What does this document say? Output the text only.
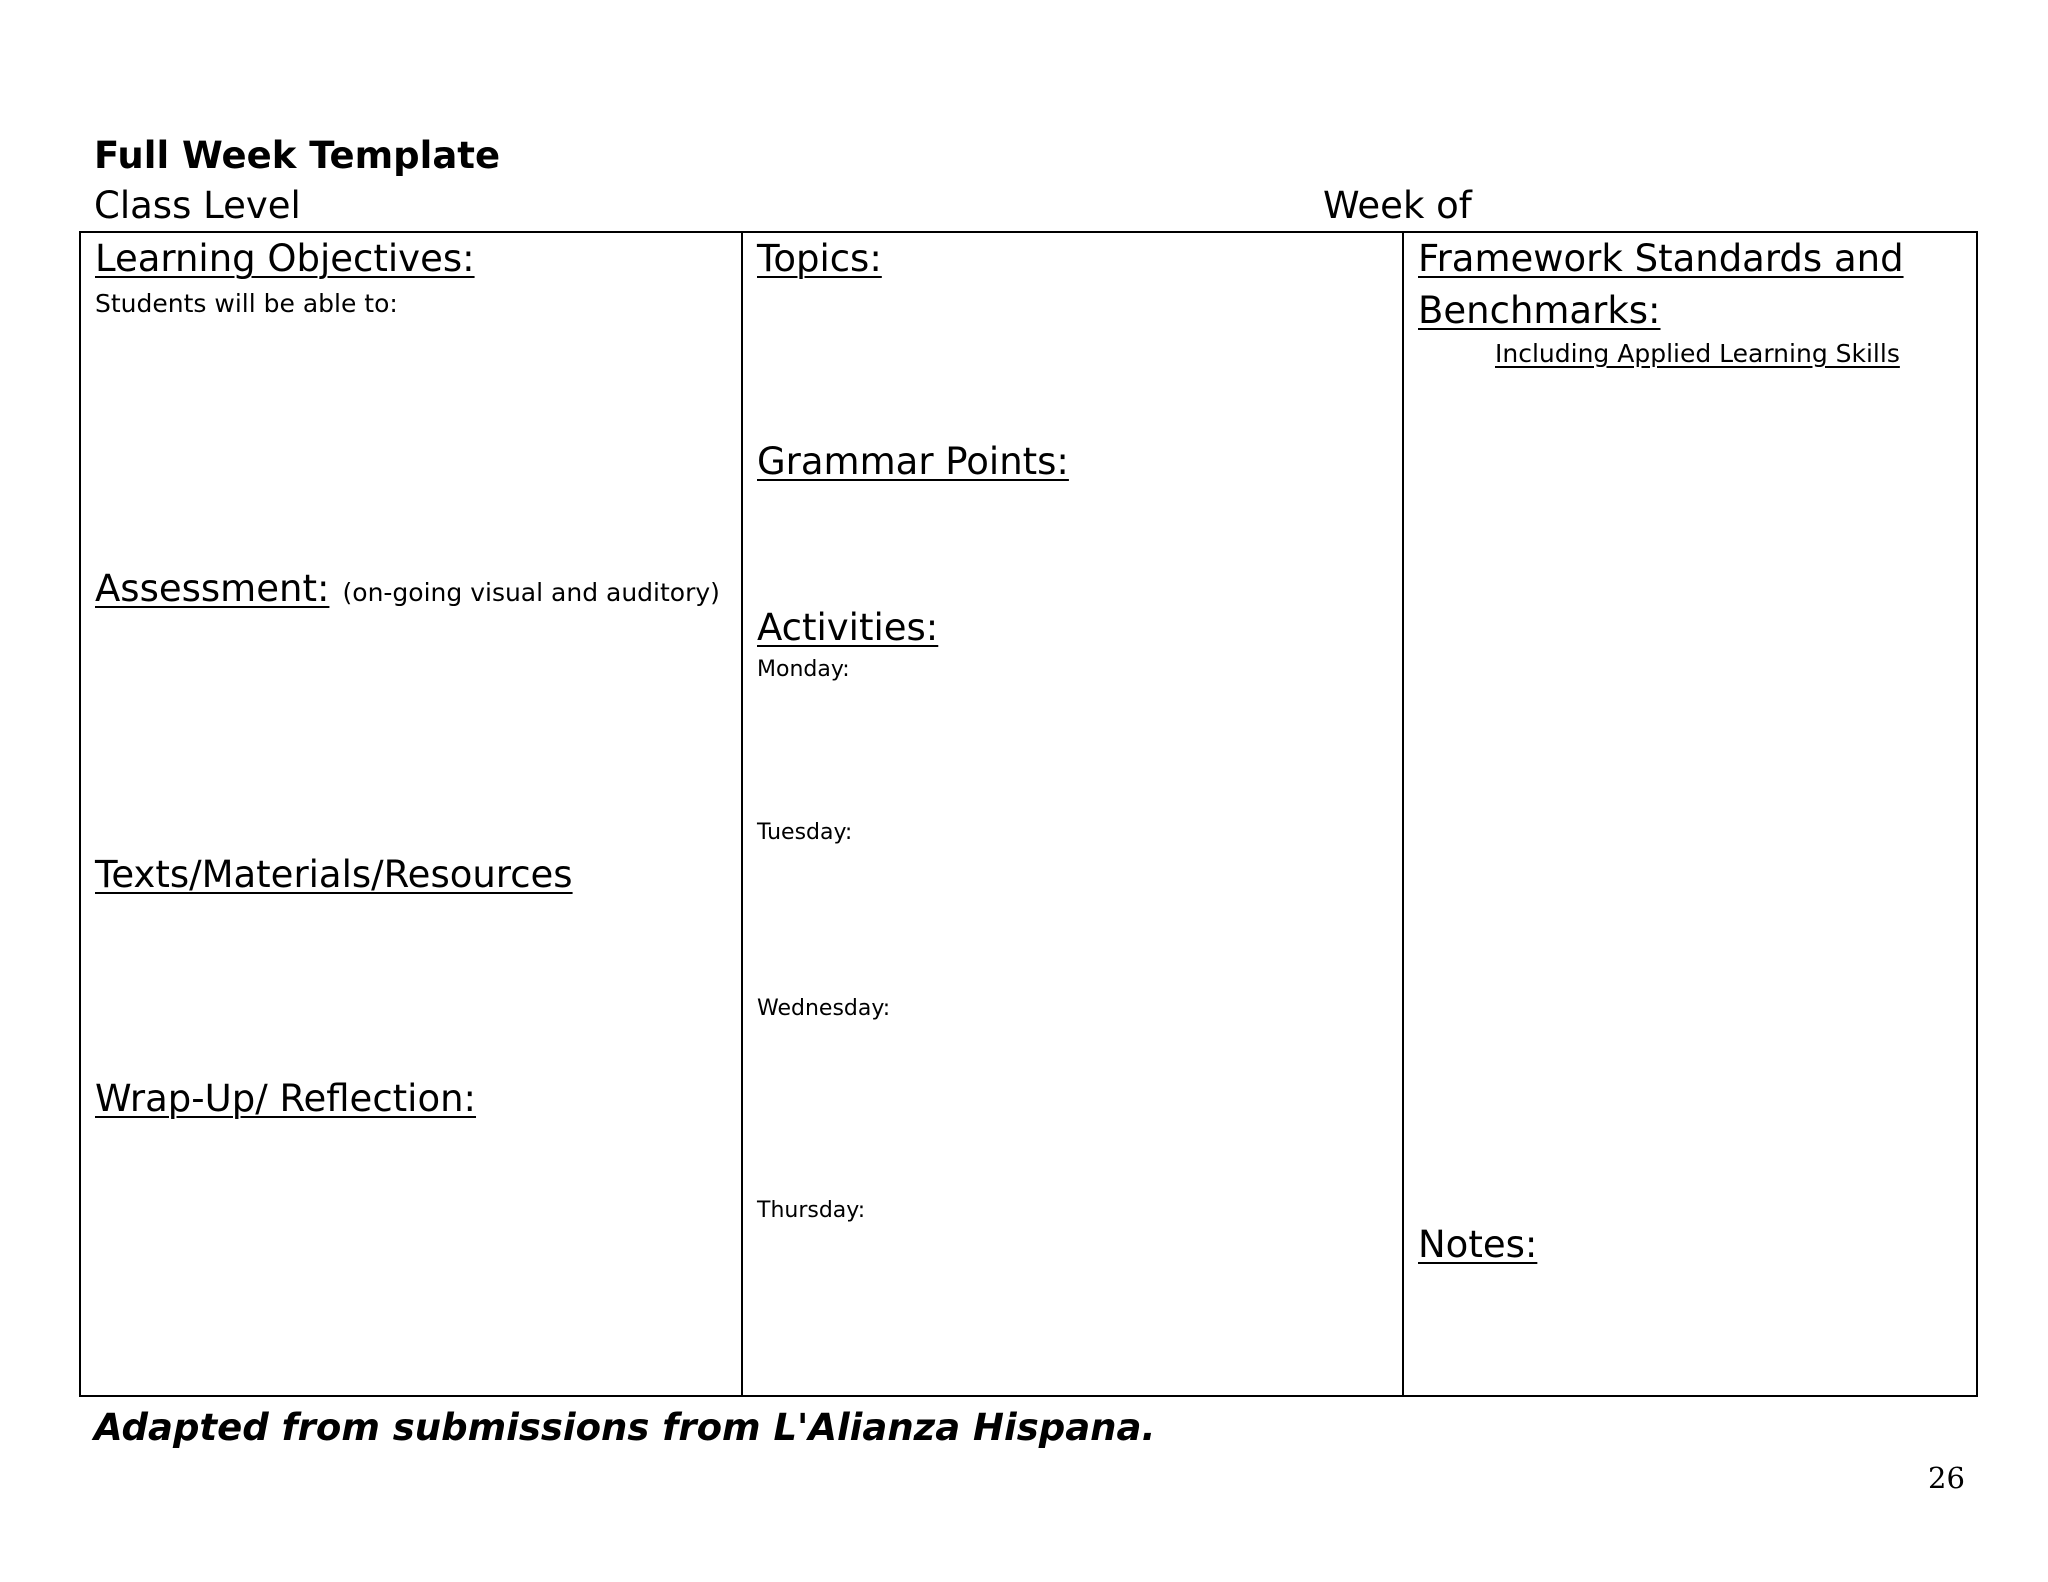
Full Week Template
Class Level	Week of
Learning Objectives:
Students will be able to:
Assessment: (on-going visual and auditory)
Texts/Materials/Resources
Wrap-Up/ Reflection:
Topics:
Grammar Points:
Activities:
Monday:
Tuesday:
Wednesday:
Thursday:
Framework Standards and
Benchmarks:
Including Applied Learning Skills
Notes:
Adapted from submissions from L'Alianza Hispana.
26
